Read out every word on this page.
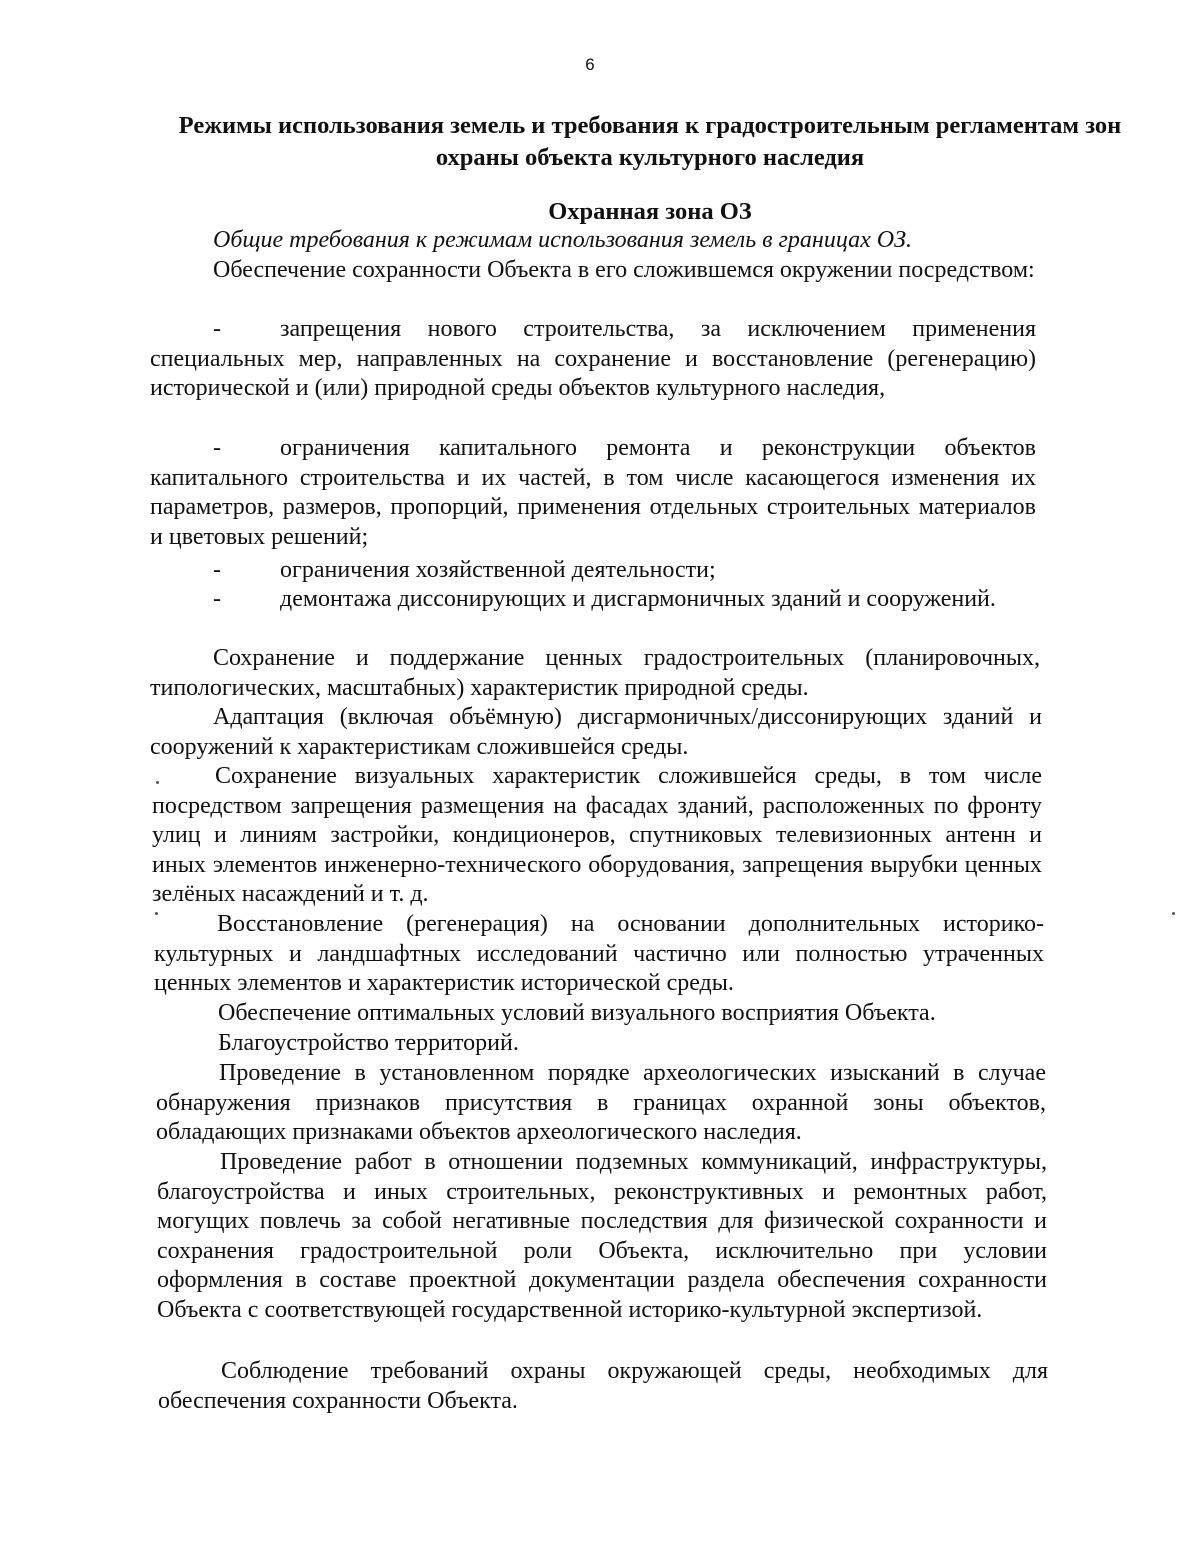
6
Режимы использования земель и требования к градостроительным регламентам зон охраны объекта культурного наследия
Охранная зона ОЗ

Общие требования к режимам использования земель в границах ОЗ.

Обеспечение сохранности Объекта в его сложившемся окружении посредством:

- запрещения нового строительства, за исключением применения специальных мер, направленных на сохранение и восстановление (регенерацию) исторической и (или) природной среды объектов культурного наследия,

- ограничения капитального ремонта и реконструкции объектов капитального строительства и их частей, в том числе касающегося изменения их параметров, размеров, пропорций, применения отдельных строительных материалов и цветовых решений;

- ограничения хозяйственной деятельности;

- демонтажа диссонирующих и дисгармоничных зданий и сооружений.

Сохранение и поддержание ценных градостроительных (планировочных, типологических, масштабных) характеристик природной среды.

Адаптация (включая объёмную) дисгармоничных/диссонирующих зданий и сооружений к характеристикам сложившейся среды.

Сохранение визуальных характеристик сложившейся среды, в том числе посредством запрещения размещения на фасадах зданий, расположенных по фронту улиц и линиям застройки, кондиционеров, спутниковых телевизионных антенн и иных элементов инженерно-технического оборудования, запрещения вырубки ценных зелёных насаждений и т. д.

Восстановление (регенерация) на основании дополнительных историко-культурных и ландшафтных исследований частично или полностью утраченных ценных элементов и характеристик исторической среды.

Обеспечение оптимальных условий визуального восприятия Объекта.

Благоустройство территорий.

Проведение в установленном порядке археологических изысканий в случае обнаружения признаков присутствия в границах охранной зоны объектов, обладающих признаками объектов археологического наследия.

Проведение работ в отношении подземных коммуникаций, инфраструктуры, благоустройства и иных строительных, реконструктивных и ремонтных работ, могущих повлечь за собой негативные последствия для физической сохранности и сохранения градостроительной роли Объекта, исключительно при условии оформления в составе проектной документации раздела обеспечения сохранности Объекта с соответствующей государственной историко-культурной экспертизой.

Соблюдение требований охраны окружающей среды, необходимых для обеспечения сохранности Объекта.
